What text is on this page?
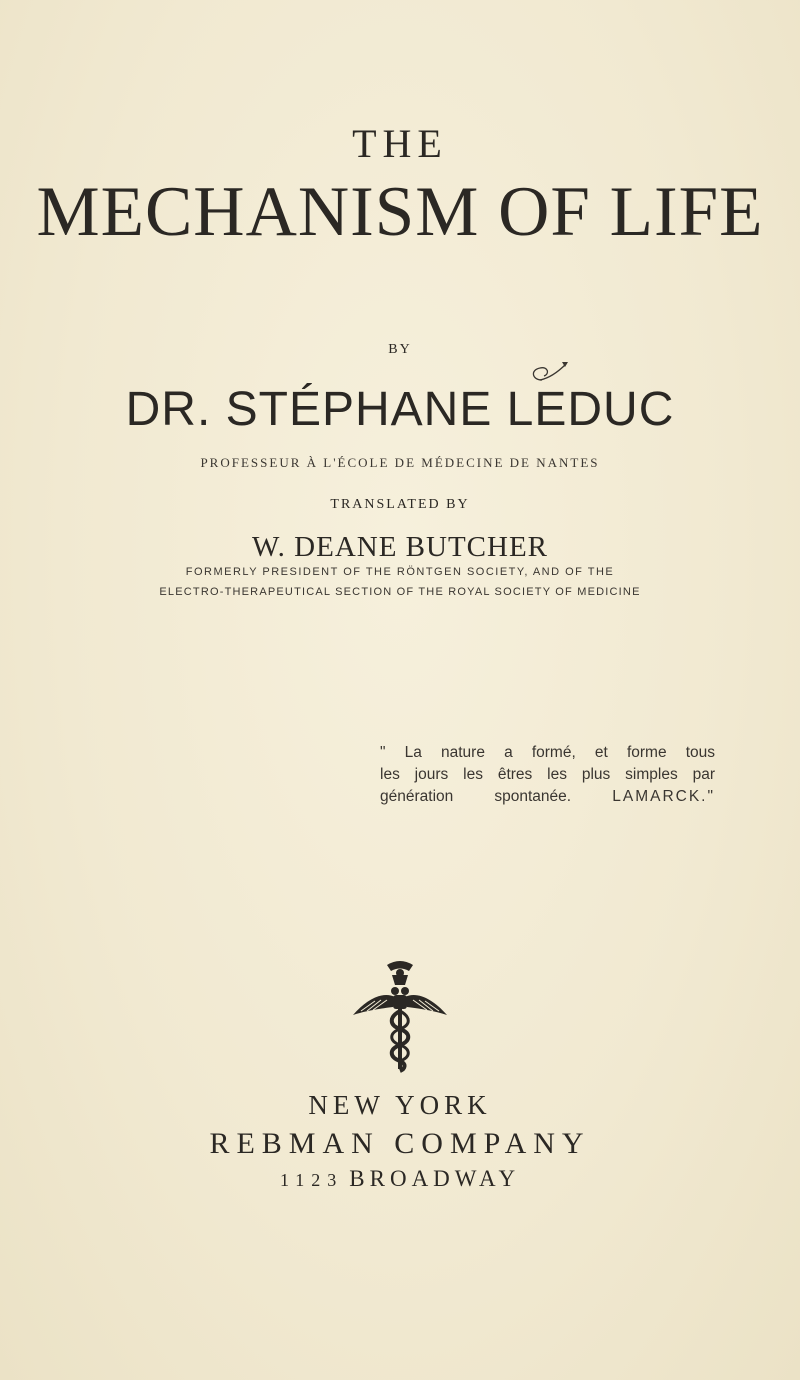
THE
MECHANISM OF LIFE
BY
DR. STÉPHANE LEDUC
PROFESSEUR À L'ÉCOLE DE MÉDECINE DE NANTES
TRANSLATED BY
W. DEANE BUTCHER
FORMERLY PRESIDENT OF THE RÖNTGEN SOCIETY, AND OF THE
ELECTRO-THERAPEUTICAL SECTION OF THE ROYAL SOCIETY OF MEDICINE
" La nature a formé, et forme tous
les jours les êtres les plus simples par
génération spontanée.	LAMARCK."
NEW YORK
REBMAN COMPANY
1123 BROADWAY
